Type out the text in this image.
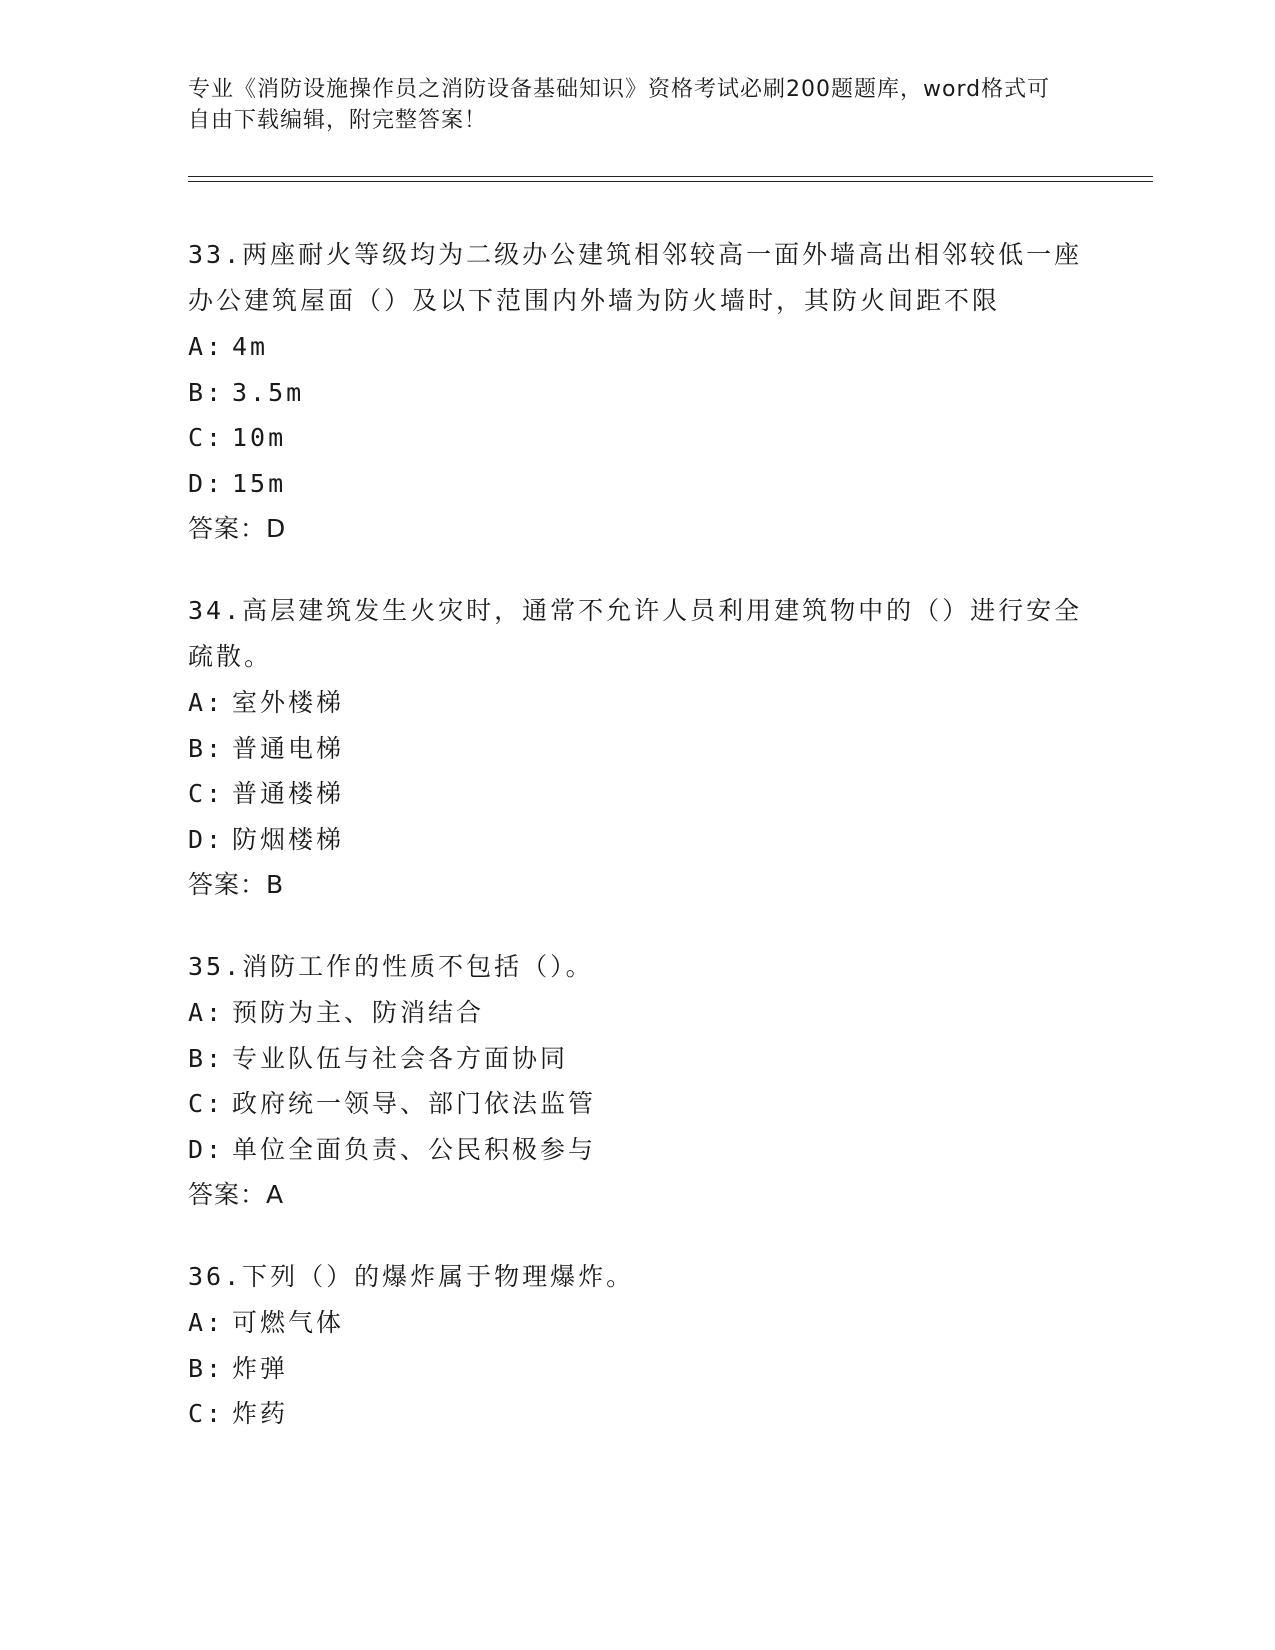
专业《消防设施操作员之消防设备基础知识》资格考试必刷200题题库，word格式可自由下载编辑，附完整答案！
33.两座耐火等级均为二级办公建筑相邻较高一面外墙高出相邻较低一座办公建筑屋面（）及以下范围内外墙为防火墙时，其防火间距不限
A: 4m
B: 3.5m
C: 10m
D: 15m
答案：D
34.高层建筑发生火灾时，通常不允许人员利用建筑物中的（）进行安全疏散。
A: 室外楼梯
B: 普通电梯
C: 普通楼梯
D: 防烟楼梯
答案：B
35.消防工作的性质不包括（）。
A: 预防为主、防消结合
B: 专业队伍与社会各方面协同
C: 政府统一领导、部门依法监管
D: 单位全面负责、公民积极参与
答案：A
36.下列（）的爆炸属于物理爆炸。
A: 可燃气体
B: 炸弹
C: 炸药
